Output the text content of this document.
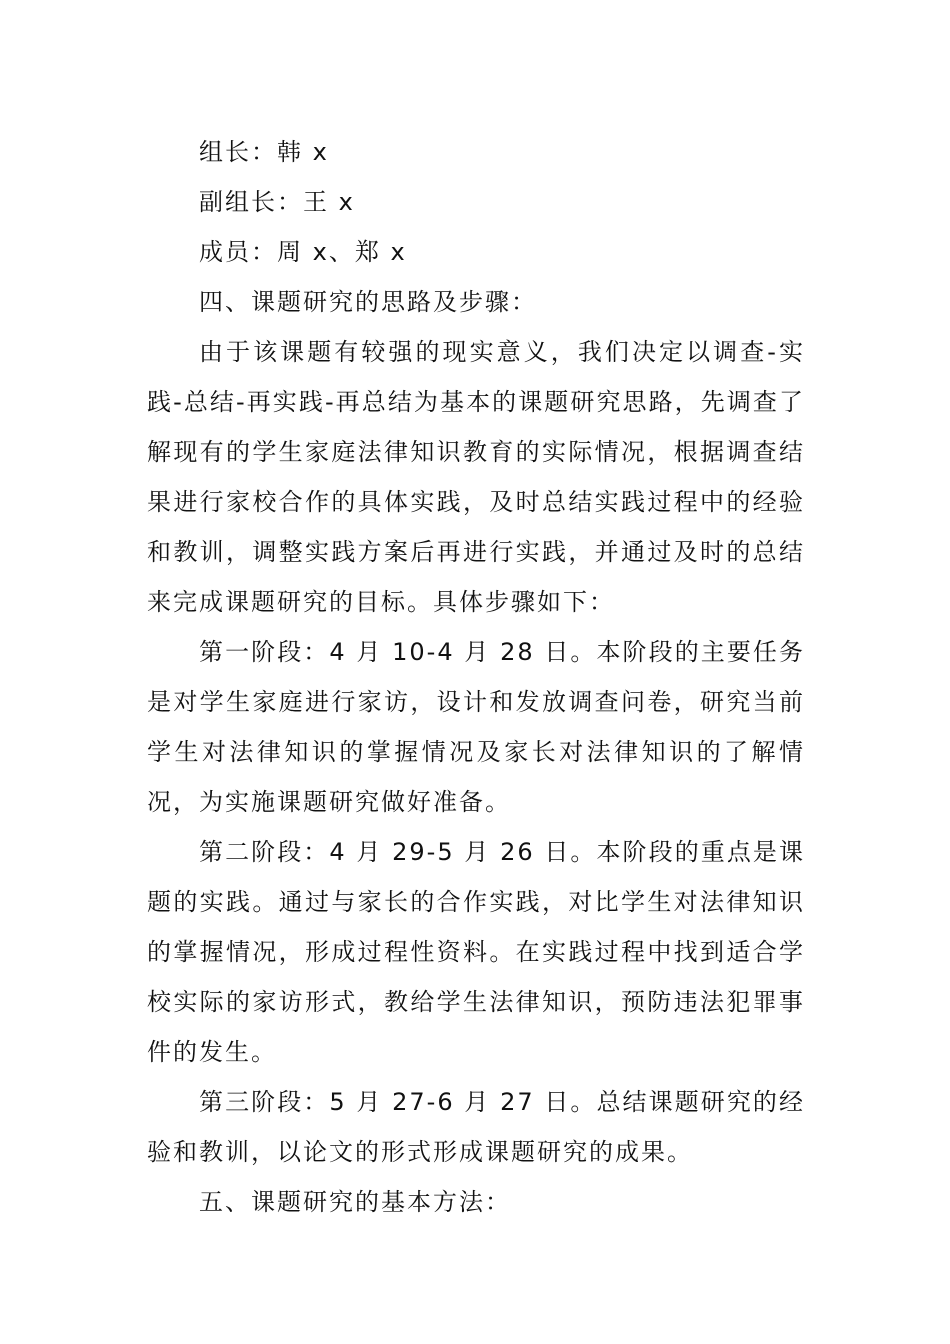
组长：韩 x

副组长：王 x

成员：周 x、郑 x

四、课题研究的思路及步骤：

由于该课题有较强的现实意义，我们决定以调查-实践-总结-再实践-再总结为基本的课题研究思路，先调查了解现有的学生家庭法律知识教育的实际情况，根据调查结果进行家校合作的具体实践，及时总结实践过程中的经验和教训，调整实践方案后再进行实践，并通过及时的总结来完成课题研究的目标。具体步骤如下：

第一阶段：4 月 10-4 月 28 日。本阶段的主要任务是对学生家庭进行家访，设计和发放调查问卷，研究当前学生对法律知识的掌握情况及家长对法律知识的了解情况，为实施课题研究做好准备。

第二阶段：4 月 29-5 月 26 日。本阶段的重点是课题的实践。通过与家长的合作实践，对比学生对法律知识的掌握情况，形成过程性资料。在实践过程中找到适合学校实际的家访形式，教给学生法律知识，预防违法犯罪事件的发生。

第三阶段：5 月 27-6 月 27 日。总结课题研究的经验和教训，以论文的形式形成课题研究的成果。

五、课题研究的基本方法：
